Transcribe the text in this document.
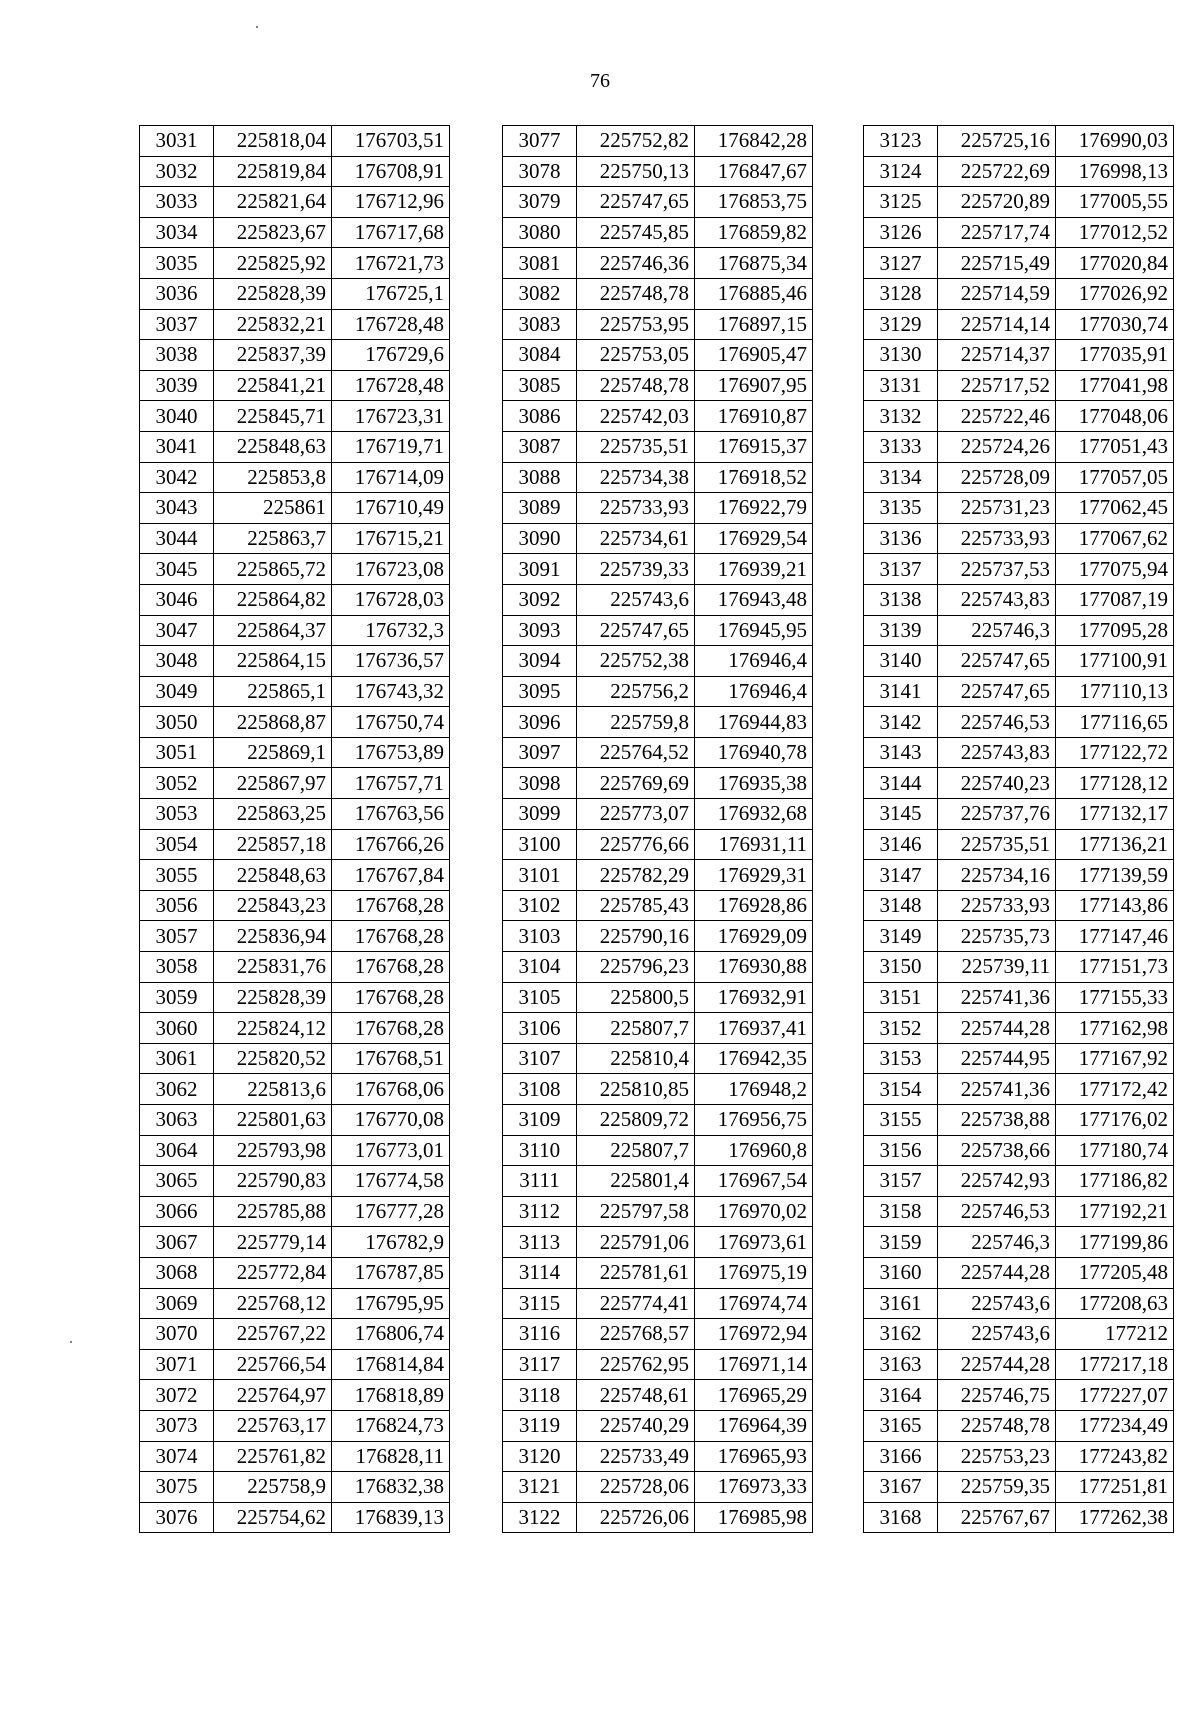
76
3031	225818,04	176703,51
3032	225819,84	176708,91
3033	225821,64	176712,96
3034	225823,67	176717,68
3035	225825,92	176721,73
3036	225828,39	176725,1
3037	225832,21	176728,48
3038	225837,39	176729,6
3039	225841,21	176728,48
3040	225845,71	176723,31
3041	225848,63	176719,71
3042	225853,8	176714,09
3043	225861	176710,49
3044	225863,7	176715,21
3045	225865,72	176723,08
3046	225864,82	176728,03
3047	225864,37	176732,3
3048	225864,15	176736,57
3049	225865,1	176743,32
3050	225868,87	176750,74
3051	225869,1	176753,89
3052	225867,97	176757,71
3053	225863,25	176763,56
3054	225857,18	176766,26
3055	225848,63	176767,84
3056	225843,23	176768,28
3057	225836,94	176768,28
3058	225831,76	176768,28
3059	225828,39	176768,28
3060	225824,12	176768,28
3061	225820,52	176768,51
3062	225813,6	176768,06
3063	225801,63	176770,08
3064	225793,98	176773,01
3065	225790,83	176774,58
3066	225785,88	176777,28
3067	225779,14	176782,9
3068	225772,84	176787,85
3069	225768,12	176795,95
3070	225767,22	176806,74
3071	225766,54	176814,84
3072	225764,97	176818,89
3073	225763,17	176824,73
3074	225761,82	176828,11
3075	225758,9	176832,38
3076	225754,62	176839,13
3077	225752,82	176842,28
3078	225750,13	176847,67
3079	225747,65	176853,75
3080	225745,85	176859,82
3081	225746,36	176875,34
3082	225748,78	176885,46
3083	225753,95	176897,15
3084	225753,05	176905,47
3085	225748,78	176907,95
3086	225742,03	176910,87
3087	225735,51	176915,37
3088	225734,38	176918,52
3089	225733,93	176922,79
3090	225734,61	176929,54
3091	225739,33	176939,21
3092	225743,6	176943,48
3093	225747,65	176945,95
3094	225752,38	176946,4
3095	225756,2	176946,4
3096	225759,8	176944,83
3097	225764,52	176940,78
3098	225769,69	176935,38
3099	225773,07	176932,68
3100	225776,66	176931,11
3101	225782,29	176929,31
3102	225785,43	176928,86
3103	225790,16	176929,09
3104	225796,23	176930,88
3105	225800,5	176932,91
3106	225807,7	176937,41
3107	225810,4	176942,35
3108	225810,85	176948,2
3109	225809,72	176956,75
3110	225807,7	176960,8
3111	225801,4	176967,54
3112	225797,58	176970,02
3113	225791,06	176973,61
3114	225781,61	176975,19
3115	225774,41	176974,74
3116	225768,57	176972,94
3117	225762,95	176971,14
3118	225748,61	176965,29
3119	225740,29	176964,39
3120	225733,49	176965,93
3121	225728,06	176973,33
3122	225726,06	176985,98
3123	225725,16	176990,03
3124	225722,69	176998,13
3125	225720,89	177005,55
3126	225717,74	177012,52
3127	225715,49	177020,84
3128	225714,59	177026,92
3129	225714,14	177030,74
3130	225714,37	177035,91
3131	225717,52	177041,98
3132	225722,46	177048,06
3133	225724,26	177051,43
3134	225728,09	177057,05
3135	225731,23	177062,45
3136	225733,93	177067,62
3137	225737,53	177075,94
3138	225743,83	177087,19
3139	225746,3	177095,28
3140	225747,65	177100,91
3141	225747,65	177110,13
3142	225746,53	177116,65
3143	225743,83	177122,72
3144	225740,23	177128,12
3145	225737,76	177132,17
3146	225735,51	177136,21
3147	225734,16	177139,59
3148	225733,93	177143,86
3149	225735,73	177147,46
3150	225739,11	177151,73
3151	225741,36	177155,33
3152	225744,28	177162,98
3153	225744,95	177167,92
3154	225741,36	177172,42
3155	225738,88	177176,02
3156	225738,66	177180,74
3157	225742,93	177186,82
3158	225746,53	177192,21
3159	225746,3	177199,86
3160	225744,28	177205,48
3161	225743,6	177208,63
3162	225743,6	177212
3163	225744,28	177217,18
3164	225746,75	177227,07
3165	225748,78	177234,49
3166	225753,23	177243,82
3167	225759,35	177251,81
3168	225767,67	177262,38
